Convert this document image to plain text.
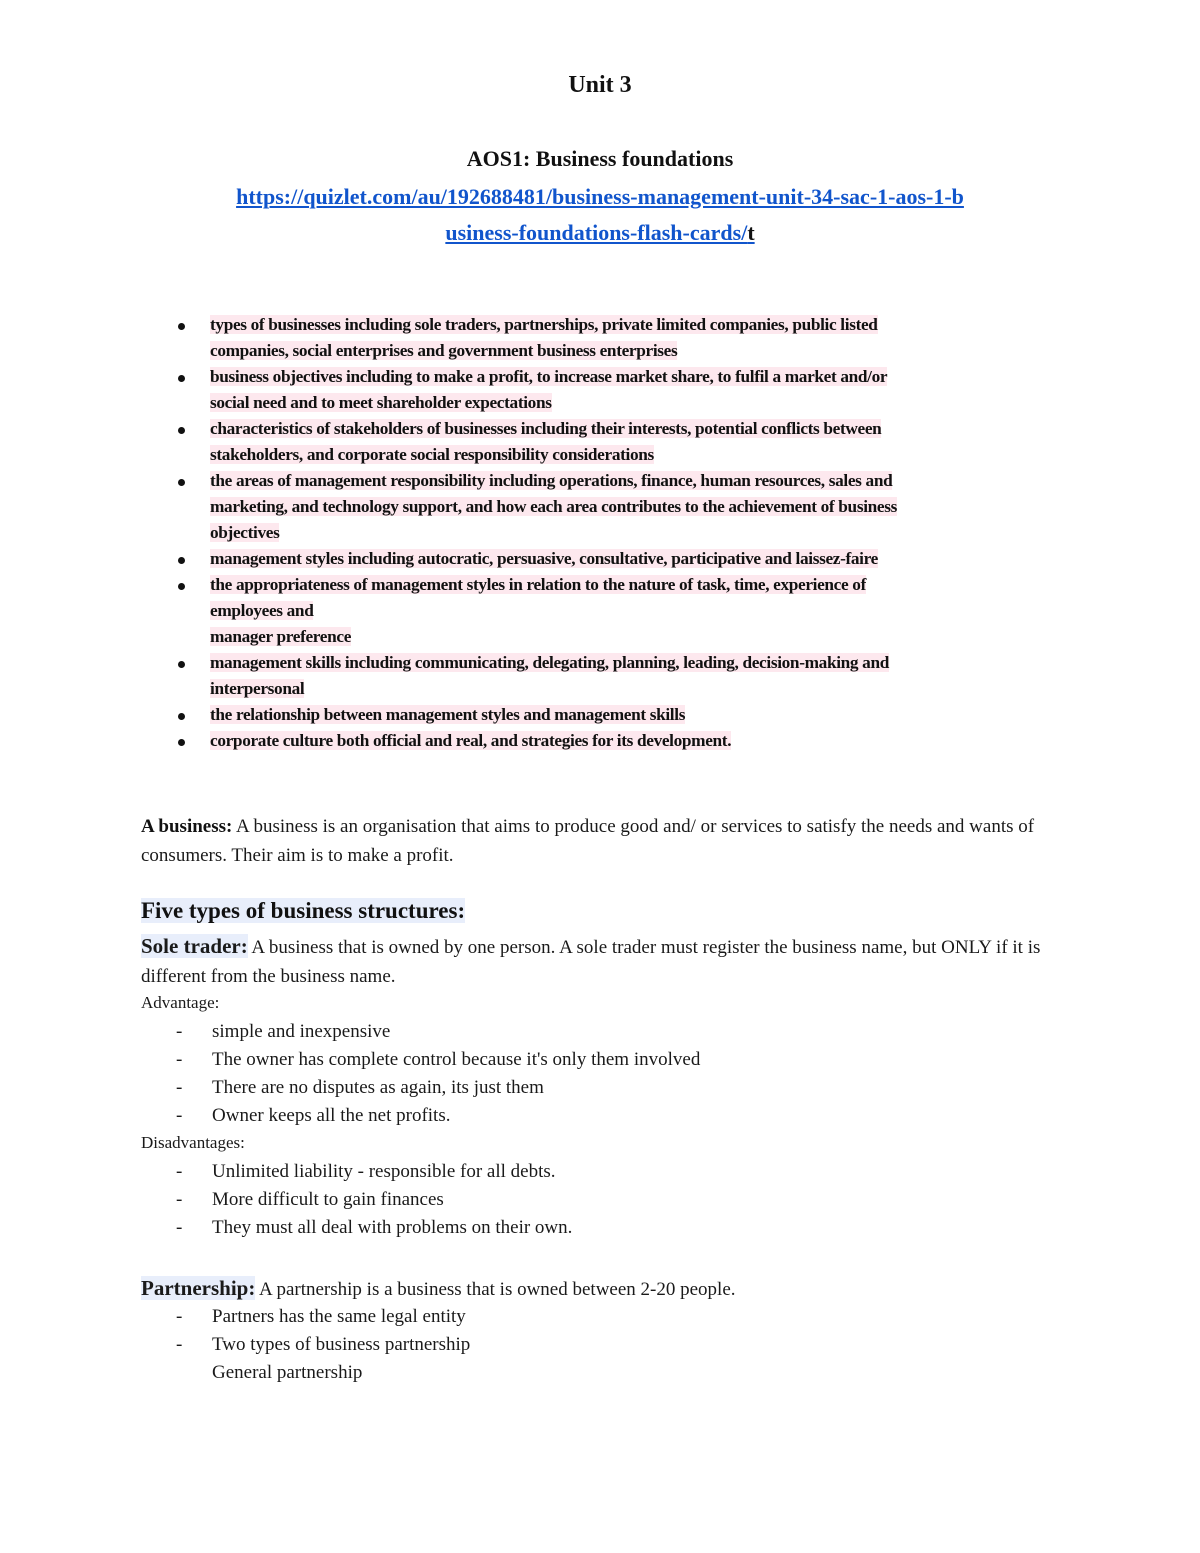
Unit 3
AOS1: Business foundations
https://quizlet.com/au/192688481/business-management-unit-34-sac-1-aos-1-b
usiness-foundations-flash-cards/t
types of businesses including sole traders, partnerships, private limited companies, public listed
companies, social enterprises and government business enterprises
business objectives including to make a profit, to increase market share, to fulfil a market and/or
social need and to meet shareholder expectations
characteristics of stakeholders of businesses including their interests, potential conflicts between
stakeholders, and corporate social responsibility considerations
the areas of management responsibility including operations, finance, human resources, sales and
marketing, and technology support, and how each area contributes to the achievement of business
objectives
management styles including autocratic, persuasive, consultative, participative and laissez-faire
the appropriateness of management styles in relation to the nature of task, time, experience of
employees and
manager preference
management skills including communicating, delegating, planning, leading, decision-making and
interpersonal
the relationship between management styles and management skills
corporate culture both official and real, and strategies for its development.
A business: A business is an organisation that aims to produce good and/ or services to satisfy the needs and wants of consumers. Their aim is to make a profit.
Five types of business structures:
Sole trader: A business that is owned by one person. A sole trader must register the business name, but ONLY if it is different from the business name.
Advantage:
- simple and inexpensive
- The owner has complete control because it's only them involved
- There are no disputes as again, its just them
- Owner keeps all the net profits.
Disadvantages:
- Unlimited liability - responsible for all debts.
- More difficult to gain finances
- They must all deal with problems on their own.
Partnership: A partnership is a business that is owned between 2-20 people.
- Partners has the same legal entity
- Two types of business partnership
General partnership
